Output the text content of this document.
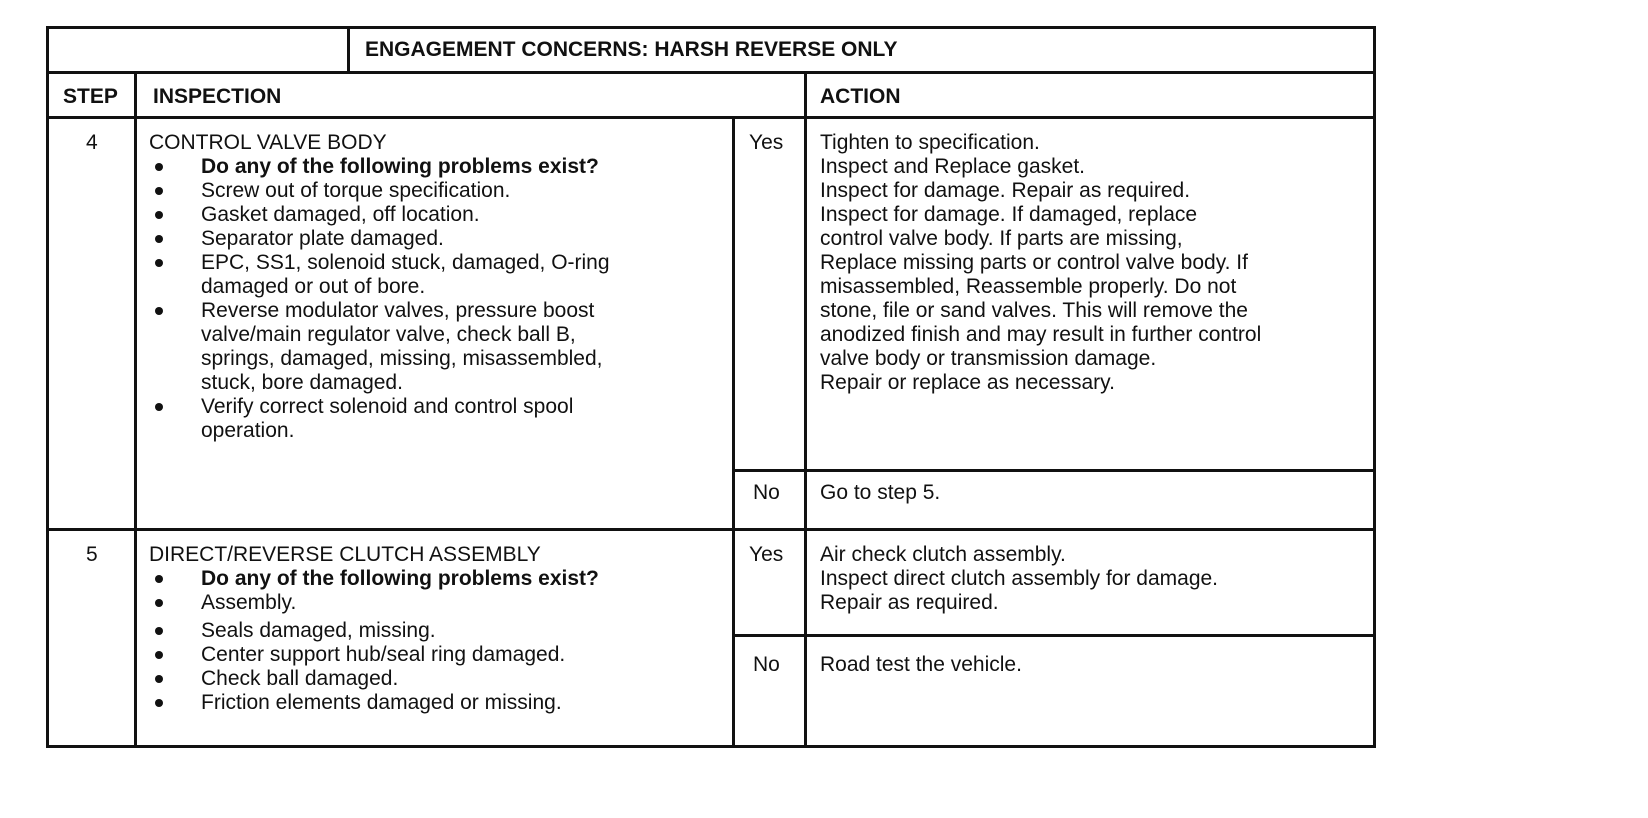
ENGAGEMENT CONCERNS: HARSH REVERSE ONLY
STEP INSPECTION	ACTION
4 CONTROL VALVE BODY
Do any of the following problems exist?
Screw out of torque specification.
Gasket damaged, off location.
Separator plate damaged.
EPC, SS1, solenoid stuck, damaged, O-ring
damaged or out of bore.
Reverse modulator valves, pressure boost
valve/main regulator valve, check ball B,
springs, damaged, missing, misassembled,
stuck, bore damaged.
Verify correct solenoid and control spool
operation.
Yes Tighten to specification.
Inspect and Replace gasket.
Inspect for damage. Repair as required.
Inspect for damage. If damaged, replace
control valve body. If parts are missing,
Replace missing parts or control valve body. If
misassembled, Reassemble properly. Do not
stone, file or sand valves. This will remove the
anodized finish and may result in further control
valve body or transmission damage.
Repair or replace as necessary.
No Go to step 5.
5 DIRECT/REVERSE CLUTCH ASSEMBLY
Do any of the following problems exist?
Assembly.
Seals damaged, missing.
Center support hub/seal ring damaged.
Check ball damaged.
Friction elements damaged or missing.
Yes Air check clutch assembly.
Inspect direct clutch assembly for damage.
Repair as required.
No Road test the vehicle.
